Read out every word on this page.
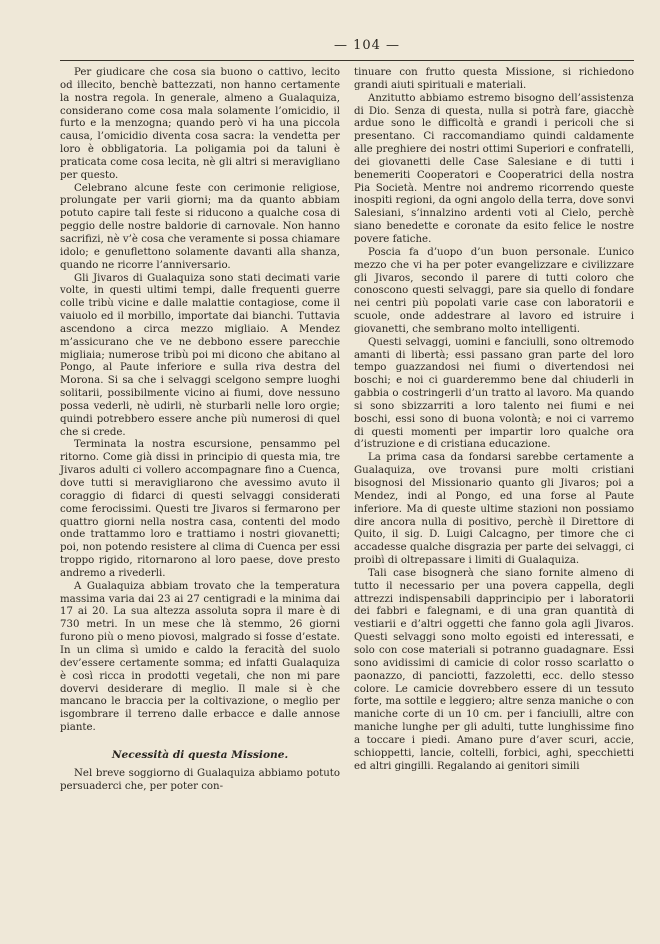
— 104 —

Per giudicare che cosa sia buono o cattivo, lecito od illecito, benchè battezzati, non hanno certamente la nostra regola. In generale, almeno a Gualaquiza, considerano come cosa mala solamente l’omicidio, il furto e la menzogna; quando però vi ha una piccola causa, l’omicidio diventa cosa sacra: la vendetta per loro è obbligatoria. La poligamia poi da taluni è praticata come cosa lecita, nè gli altri si meravigliano per questo.

Celebrano alcune feste con cerimonie religiose, prolungate per varii giorni; ma da quanto abbiam potuto capire tali feste si riducono a qualche cosa di peggio delle nostre baldorie di carnovale. Non hanno sacrifizi, nè v’è cosa che veramente si possa chiamare idolo; e genuflettono solamente davanti alla shanza, quando ne ricorre l’anniversario.

Gli Jivaros di Gualaquiza sono stati decimati varie volte, in questi ultimi tempi, dalle frequenti guerre colle tribù vicine e dalle malattie contagiose, come il vaiuolo ed il morbillo, importate dai bianchi. Tuttavia ascendono a circa mezzo migliaio. A Mendez m’assicurano che ve ne debbono essere parecchie migliaia; numerose tribù poi mi dicono che abitano al Pongo, al Paute inferiore e sulla riva destra del Morona. Si sa che i selvaggi scelgono sempre luoghi solitarii, possibilmente vicino ai fiumi, dove nessuno possa vederli, nè udirli, nè sturbarli nelle loro orgie; quindi potrebbero essere anche più numerosi di quel che si crede.

Terminata la nostra escursione, pensammo pel ritorno. Come già dissi in principio di questa mia, tre Jivaros adulti ci vollero accompagnare fino a Cuenca, dove tutti si meravigliarono che avessimo avuto il coraggio di fidarci di questi selvaggi considerati come ferocissimi. Questi tre Jivaros si fermarono per quattro giorni nella nostra casa, contenti del modo onde trattammo loro e trattiamo i nostri giovanetti; poi, non potendo resistere al clima di Cuenca per essi troppo rigido, ritornarono al loro paese, dove presto andremo a rivederli.

A Gualaquiza abbiam trovato che la temperatura massima varia dai 23 ai 27 centigradi e la minima dai 17 ai 20. La sua altezza assoluta sopra il mare è di 730 metri. In un mese che là stemmo, 26 giorni furono più o meno piovosi, malgrado si fosse d’estate. In un clima sì umido e caldo la feracità del suolo dev’essere certamente somma; ed infatti Gualaquiza è così ricca in prodotti vegetali, che non mi pare dovervi desiderare di meglio. Il male si è che mancano le braccia per la coltivazione, o meglio per isgombrare il terreno dalle erbacce e dalle annose piante.

Necessità di questa Missione.

Nel breve soggiorno di Gualaquiza abbiamo potuto persuaderci che, per poter con-

tinuare con frutto questa Missione, si richiedono grandi aiuti spirituali e materiali.

Anzitutto abbiamo estremo bisogno dell’assistenza di Dio. Senza di questa, nulla si potrà fare, giacchè ardue sono le difficoltà e grandi i pericoli che si presentano. Ci raccomandiamo quindi caldamente alle preghiere dei nostri ottimi Superiori e confratelli, dei giovanetti delle Case Salesiane e di tutti i benemeriti Cooperatori e Cooperatrici della nostra Pia Società. Mentre noi andremo ricorrendo queste inospiti regioni, da ogni angolo della terra, dove sonvi Salesiani, s’innalzino ardenti voti al Cielo, perchè siano benedette e coronate da esito felice le nostre povere fatiche.

Poscia fa d’uopo d’un buon personale. L’unico mezzo che vi ha per poter evangelizzare e civilizzare gli Jivaros, secondo il parere di tutti coloro che conoscono questi selvaggi, pare sia quello di fondare nei centri più popolati varie case con laboratorii e scuole, onde addestrare al lavoro ed istruire i giovanetti, che sembrano molto intelligenti.

Questi selvaggi, uomini e fanciulli, sono oltremodo amanti di libertà; essi passano gran parte del loro tempo guazzandosi nei fiumi o divertendosi nei boschi; e noi ci guarderemmo bene dal chiuderli in gabbia o costringerli d’un tratto al lavoro. Ma quando si sono sbizzarriti a loro talento nei fiumi e nei boschi, essi sono di buona volontà; e noi ci varremo di questi momenti per impartir loro qualche ora d’istruzione e di cristiana educazione.

La prima casa da fondarsi sarebbe certamente a Gualaquiza, ove trovansi pure molti cristiani bisognosi del Missionario quanto gli Jivaros; poi a Mendez, indi al Pongo, ed una forse al Paute inferiore. Ma di queste ultime stazioni non possiamo dire ancora nulla di positivo, perchè il Direttore di Quito, il sig. D. Luigi Calcagno, per timore che ci accadesse qualche disgrazia per parte dei selvaggi, ci proibì di oltrepassare i limiti di Gualaquiza.

Tali case bisognerà che siano fornite almeno di tutto il necessario per una povera cappella, degli attrezzi indispensabili dapprincipio per i laboratorii dei fabbri e falegnami, e di una gran quantità di vestiarii e d’altri oggetti che fanno gola agli Jivaros. Questi selvaggi sono molto egoisti ed interessati, e solo con cose materiali si potranno guadagnare. Essi sono avidissimi di camicie di color rosso scarlatto o paonazzo, di panciotti, fazzoletti, ecc. dello stesso colore. Le camicie dovrebbero essere di un tessuto forte, ma sottile e leggiero; altre senza maniche o con maniche corte di un 10 cm. per i fanciulli, altre con maniche lunghe per gli adulti, tutte lunghissime fino a toccare i piedi. Amano pure d’aver scuri, accie, schioppetti, lancie, coltelli, forbici, aghi, specchietti ed altri gingilli. Regalando ai genitori simili
